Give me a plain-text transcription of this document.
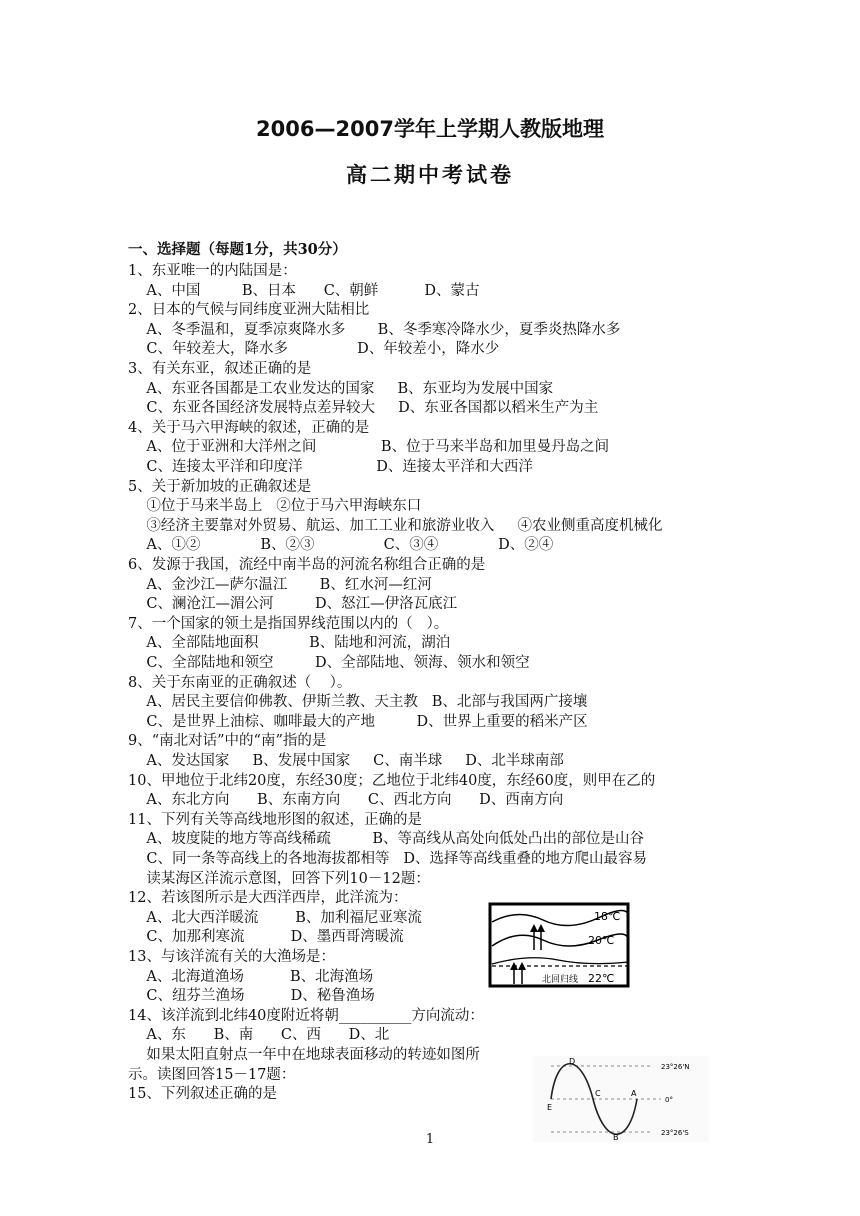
2006—2007学年上学期人教版地理
高二期中考试卷
一、选择题（每题1分，共30分）
1、东亚唯一的内陆国是：
A、中国         B、日本      C、朝鲜          D、蒙古
2、日本的气候与同纬度亚洲大陆相比
A、冬季温和，夏季凉爽降水多       B、冬季寒冷降水少，夏季炎热降水多
C、年较差大，降水多               D、年较差小，降水少
3、有关东亚，叙述正确的是
A、东亚各国都是工农业发达的国家     B、东亚均为发展中国家
C、东亚各国经济发展特点差异较大     D、东亚各国都以稻米生产为主
4、关于马六甲海峡的叙述，正确的是
A、位于亚洲和大洋州之间              B、位于马来半岛和加里曼丹岛之间
C、连接太平洋和印度洋                D、连接太平洋和大西洋
5、关于新加坡的正确叙述是
①位于马来半岛上   ②位于马六甲海峡东口
③经济主要靠对外贸易、航运、加工工业和旅游业收入     ④农业侧重高度机械化
A、①②             B、②③               C、③④             D、②④
6、发源于我国，流经中南半岛的河流名称组合正确的是
A、金沙江—萨尔温江       B、红水河—红河
C、澜沧江—湄公河         D、怒江—伊洛瓦底江
7、一个国家的领土是指国界线范围以内的（   ）。
A、全部陆地面积           B、陆地和河流，湖泊
C、全部陆地和领空         D、全部陆地、领海、领水和领空
8、关于东南亚的正确叙述（    ）。
A、居民主要信仰佛教、伊斯兰教、天主教   B、北部与我国两广接壤
C、是世界上油棕、咖啡最大的产地         D、世界上重要的稻米产区
9、“南北对话”中的“南”指的是
A、发达国家     B、发展中国家     C、南半球     D、北半球南部
10、甲地位于北纬20度，东经30度；乙地位于北纬40度，东经60度，则甲在乙的
A、东北方向      B、东南方向      C、西北方向      D、西南方向
11、下列有关等高线地形图的叙述，正确的是
A、坡度陡的地方等高线稀疏         B、等高线从高处向低处凸出的部位是山谷
C、同一条等高线上的各地海拔都相等   D、选择等高线重叠的地方爬山最容易
读某海区洋流示意图，回答下列10－12题：
12、若该图所示是大西洋西岸，此洋流为：
A、北大西洋暖流        B、加利福尼亚寒流
C、加那利寒流          D、墨西哥湾暖流
13、与该洋流有关的大渔场是：
A、北海道渔场          B、北海渔场
C、纽芬兰渔场          D、秘鲁渔场
14、该洋流到北纬40度附近将朝__________方向流动：
A、东      B、南      C、西      D、北
如果太阳直射点一年中在地球表面移动的转迹如图所
示。读图回答15－17题：
15、下列叙述正确的是
18℃
20℃
22℃
北回归线
D
E
C	A
B
23°26'N
0°
23°26'S
1
